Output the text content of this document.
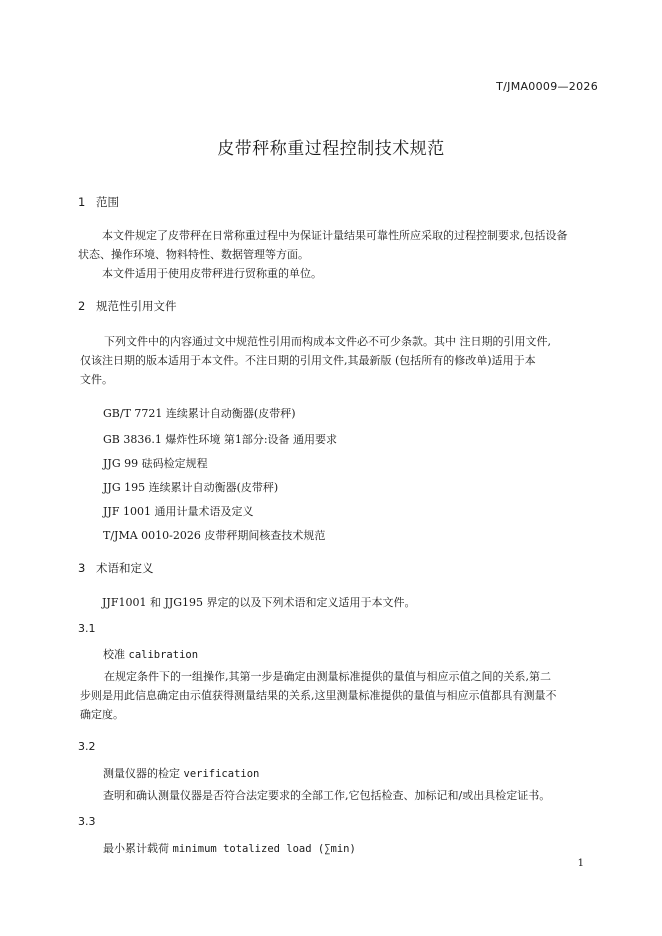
T/JMA0009—2026
皮带秤称重过程控制技术规范
1 范围

本文件规定了皮带秤在日常称重过程中为保证计量结果可靠性所应采取的过程控制要求,包括设备

状态、操作环境、物料特性、数据管理等方面。

本文件适用于使用皮带秤进行贸称重的单位。

2 规范性引用文件

下列文件中的内容通过文中规范性引用而构成本文件必不可少条款。其中 注日期的引用文件,

仅该注日期的版本适用于本文件。不注日期的引用文件,其最新版 (包括所有的修改单)适用于本

文件。

GB/T 7721 连续累计自动衡器(皮带秤)
GB 3836.1 爆炸性环境 第1部分:设备 通用要求
JJG 99 砝码检定规程
JJG 195 连续累计自动衡器(皮带秤)
JJF 1001 通用计量术语及定义
T/JMA 0010-2026 皮带秤期间核查技术规范
3 术语和定义
JJF1001 和 JJG195 界定的以及下列术语和定义适用于本文件。
3.1
校准 calibration

在规定条件下的一组操作,其第一步是确定由测量标准提供的量值与相应示值之间的关系,第二

步则是用此信息确定由示值获得测量结果的关系,这里测量标准提供的量值与相应示值都具有测量不

确定度。

3.2
测量仪器的检定 verification
查明和确认测量仪器是否符合法定要求的全部工作,它包括检查、加标记和/或出具检定证书。
3.3
最小累计载荷 minimum totalized load (∑min)
1
